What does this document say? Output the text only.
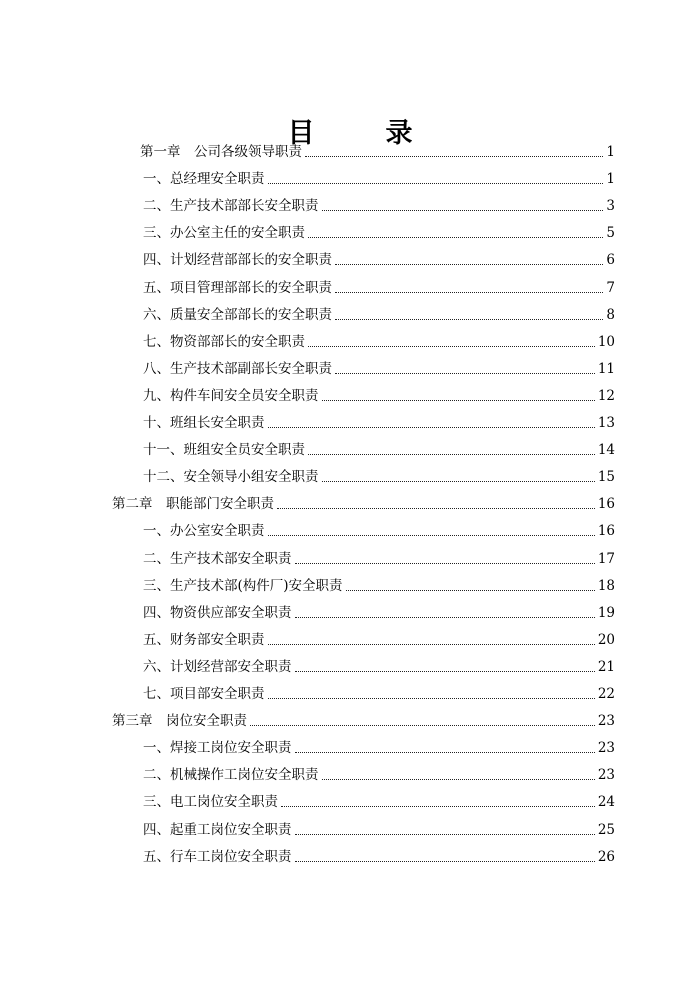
目　录
第一章　公司各级领导职责	1
一、总经理安全职责	1
二、生产技术部部长安全职责	3
三、办公室主任的安全职责	5
四、计划经营部部长的安全职责	6
五、项目管理部部长的安全职责	7
六、质量安全部部长的安全职责	8
七、物资部部长的安全职责	10
八、生产技术部副部长安全职责	11
九、构件车间安全员安全职责	12
十、班组长安全职责	13
十一、班组安全员安全职责	14
十二、安全领导小组安全职责	15
第二章　职能部门安全职责	16
一、办公室安全职责	16
二、生产技术部安全职责	17
三、生产技术部(构件厂)安全职责	18
四、物资供应部安全职责	19
五、财务部安全职责	20
六、计划经营部安全职责	21
七、项目部安全职责	22
第三章　岗位安全职责	23
一、焊接工岗位安全职责	23
二、机械操作工岗位安全职责	23
三、电工岗位安全职责	24
四、起重工岗位安全职责	25
五、行车工岗位安全职责	26
